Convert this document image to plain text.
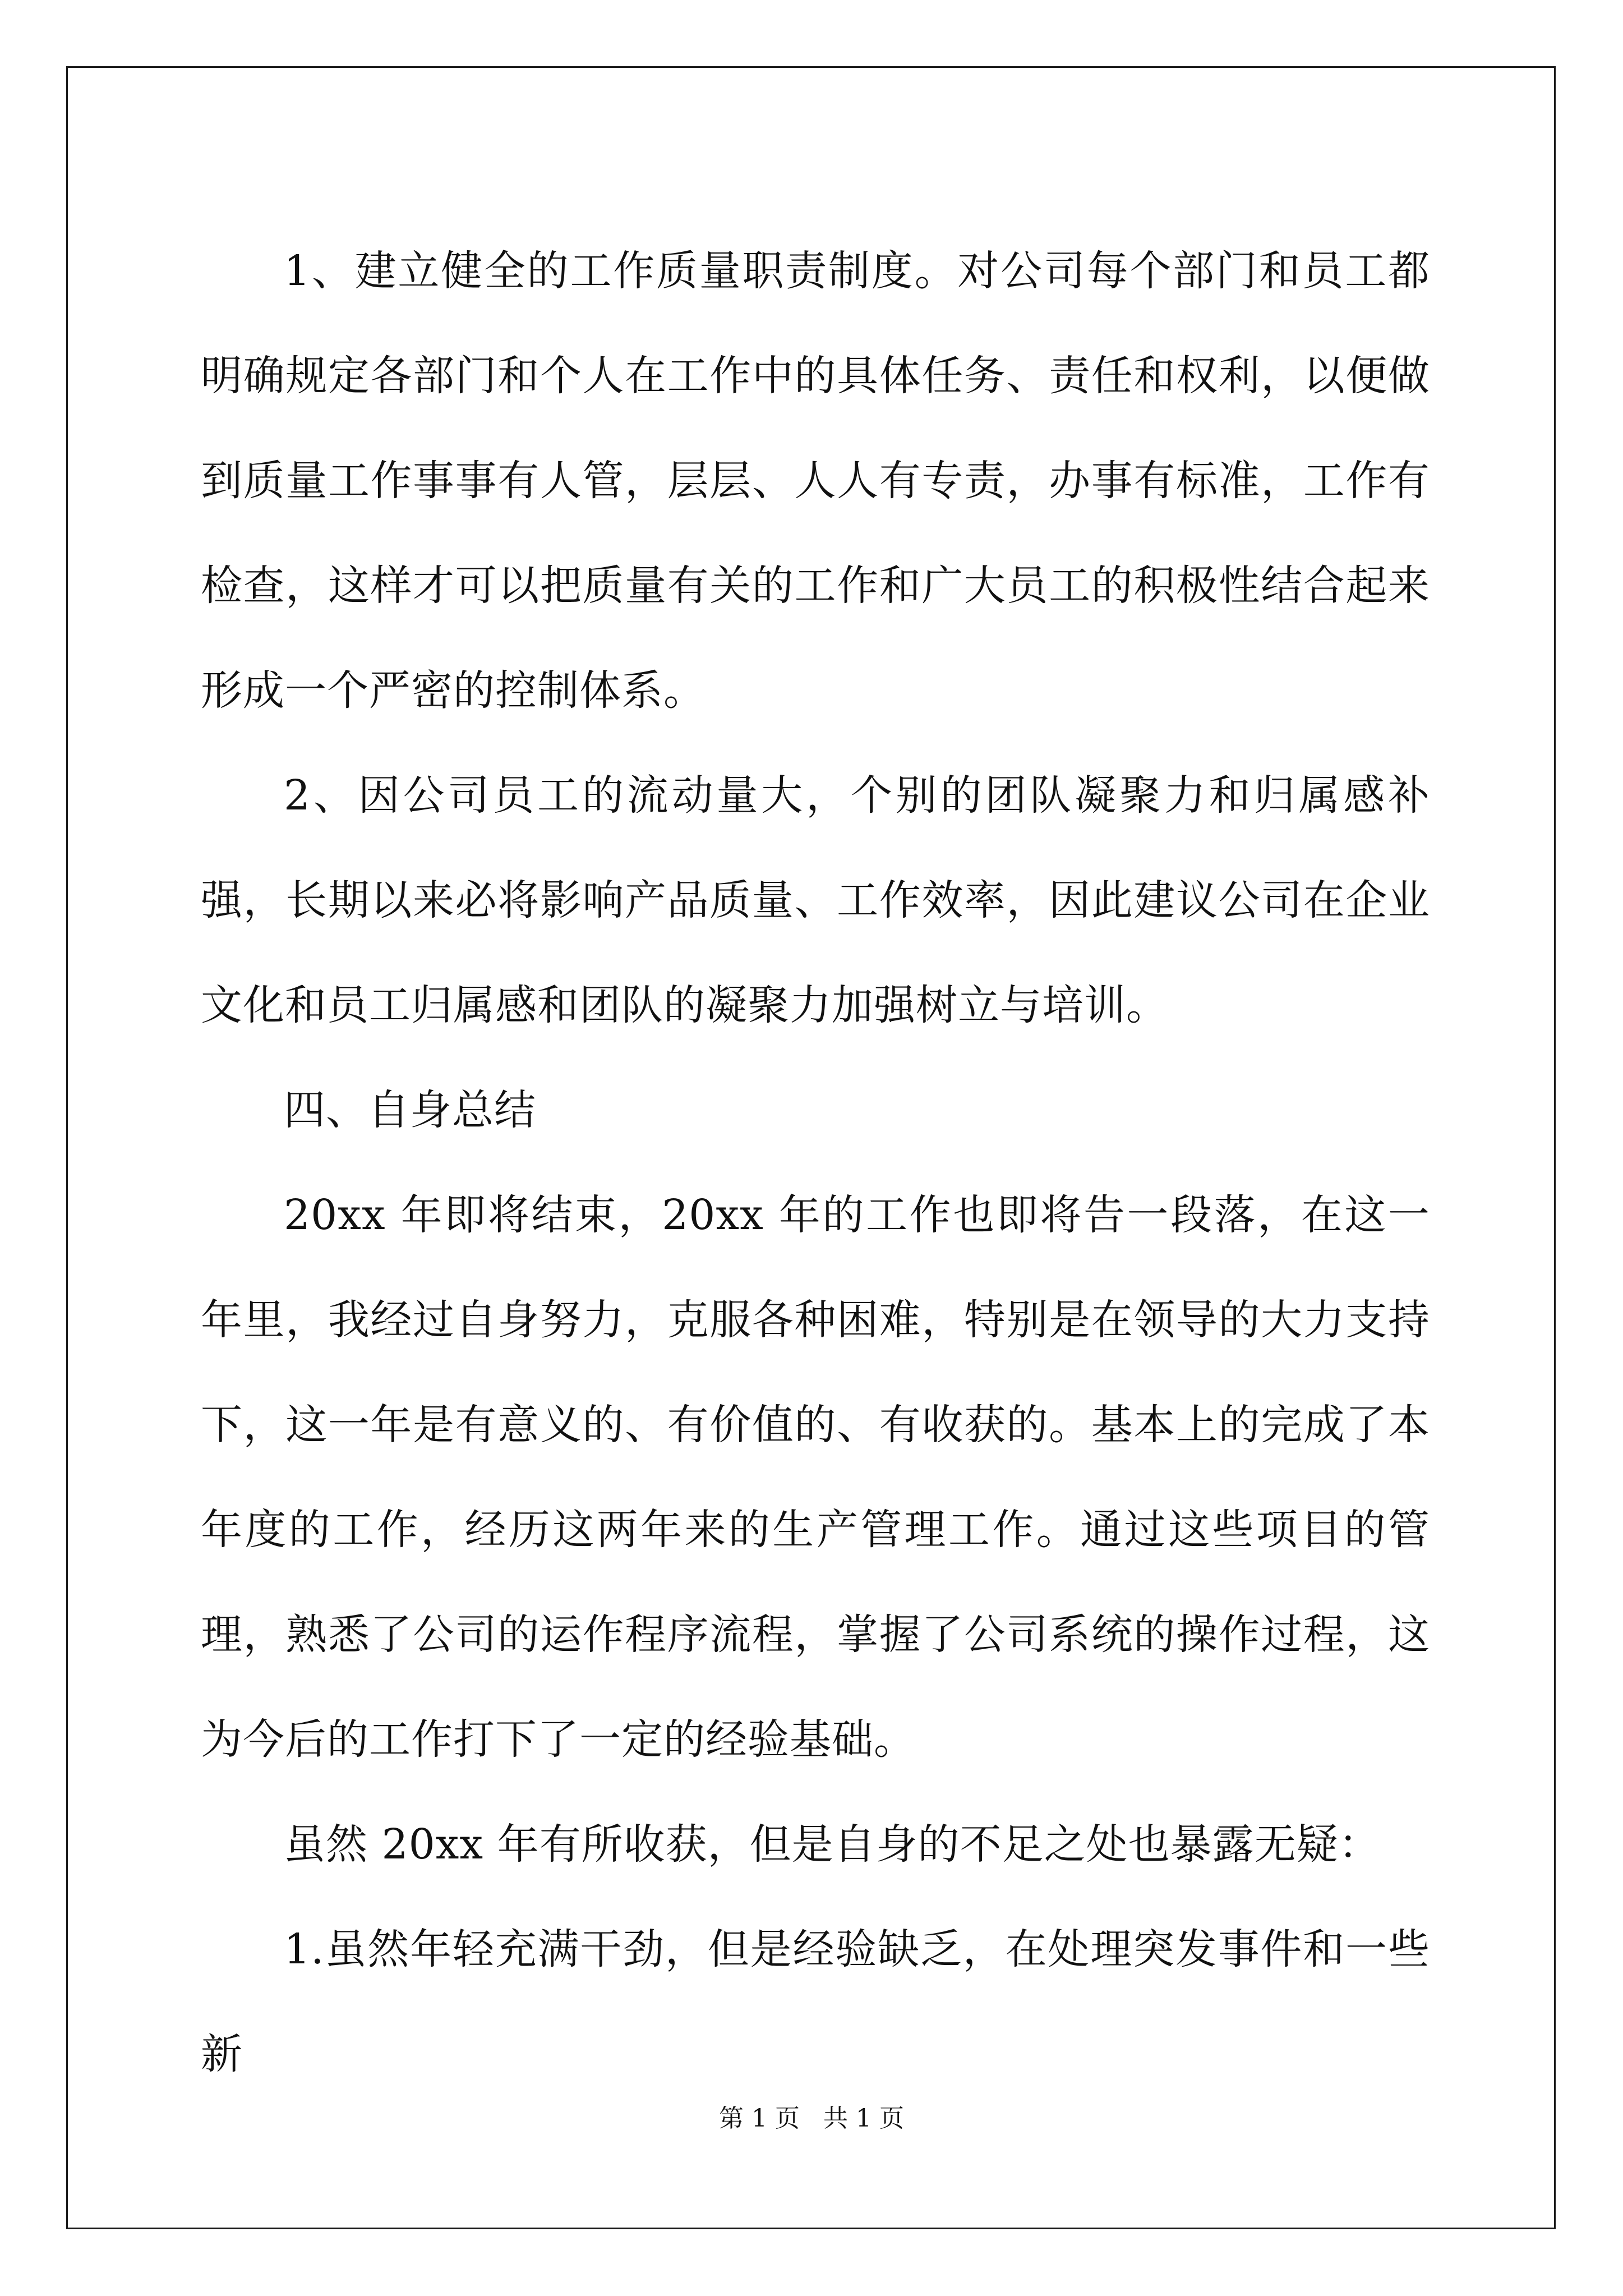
1、建立健全的工作质量职责制度。对公司每个部门和员工都明确规定各部门和个人在工作中的具体任务、责任和权利，以便做到质量工作事事有人管，层层、人人有专责，办事有标准，工作有检查，这样才可以把质量有关的工作和广大员工的积极性结合起来形成一个严密的控制体系。

2、因公司员工的流动量大，个别的团队凝聚力和归属感补强，长期以来必将影响产品质量、工作效率，因此建议公司在企业文化和员工归属感和团队的凝聚力加强树立与培训。

四、自身总结

20xx 年即将结束，20xx 年的工作也即将告一段落，在这一年里，我经过自身努力，克服各种困难，特别是在领导的大力支持下，这一年是有意义的、有价值的、有收获的。基本上的完成了本年度的工作，经历这两年来的生产管理工作。通过这些项目的管理，熟悉了公司的运作程序流程，掌握了公司系统的操作过程，这为今后的工作打下了一定的经验基础。

虽然 20xx 年有所收获，但是自身的不足之处也暴露无疑：

1.虽然年轻充满干劲，但是经验缺乏，在处理突发事件和一些新

第 1 页 共 1 页
